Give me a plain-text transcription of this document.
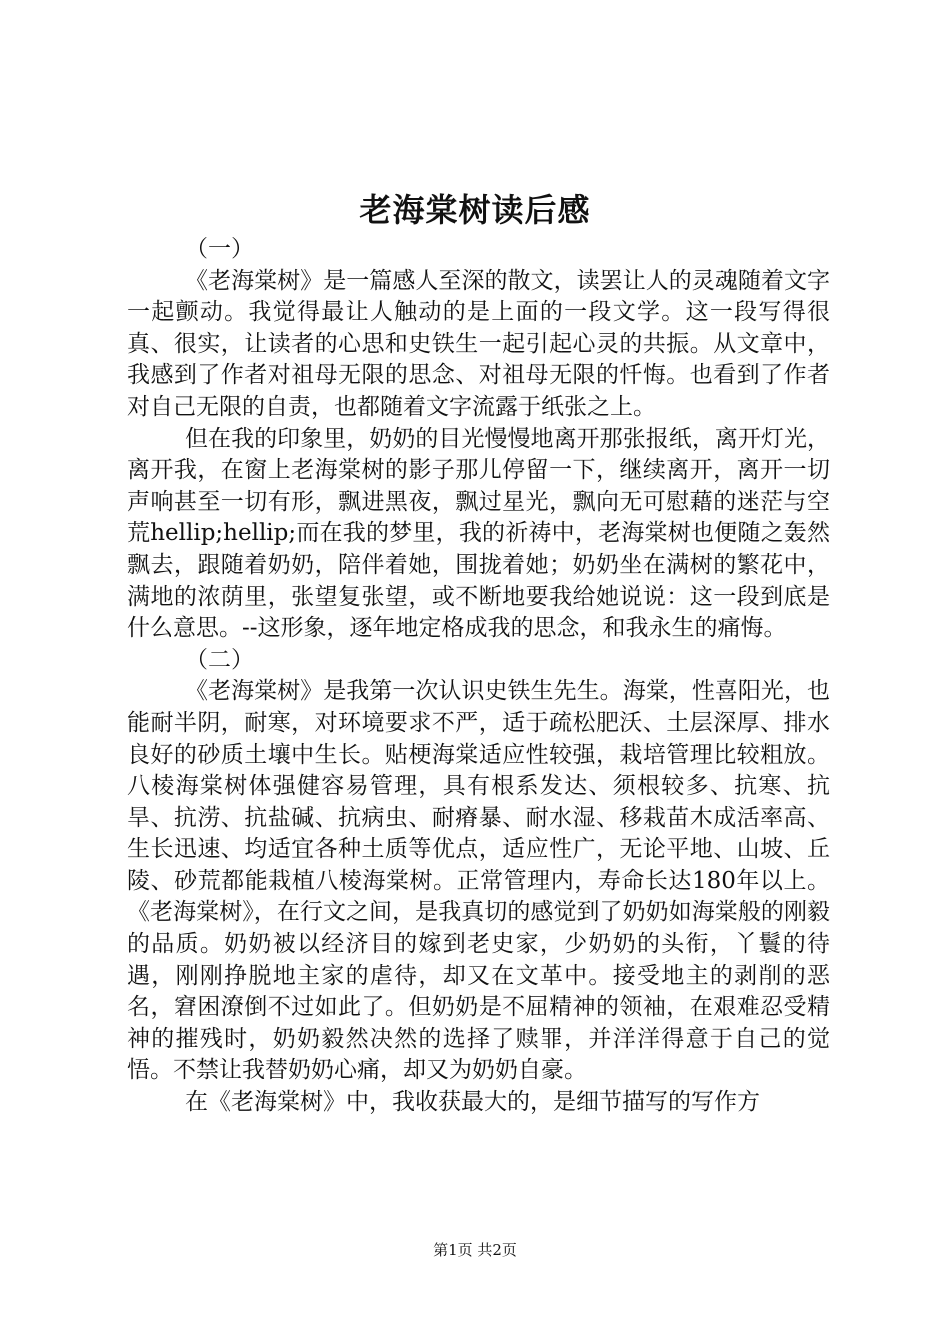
老海棠树读后感

（一）

《老海棠树》是一篇感人至深的散文，读罢让人的灵魂随着文字一起颤动。我觉得最让人触动的是上面的一段文学。这一段写得很真、很实，让读者的心思和史铁生一起引起心灵的共振。从文章中，我感到了作者对祖母无限的思念、对祖母无限的忏悔。也看到了作者对自己无限的自责，也都随着文字流露于纸张之上。

但在我的印象里，奶奶的目光慢慢地离开那张报纸，离开灯光，离开我，在窗上老海棠树的影子那儿停留一下，继续离开，离开一切声响甚至一切有形，飘进黑夜，飘过星光，飘向无可慰藉的迷茫与空荒hellip;hellip;而在我的梦里，我的祈祷中，老海棠树也便随之轰然飘去，跟随着奶奶，陪伴着她，围拢着她；奶奶坐在满树的繁花中，满地的浓荫里，张望复张望，或不断地要我给她说说：这一段到底是什么意思。--这形象，逐年地定格成我的思念，和我永生的痛悔。

（二）

《老海棠树》是我第一次认识史铁生先生。海棠，性喜阳光，也能耐半阴，耐寒，对环境要求不严，适于疏松肥沃、土层深厚、排水良好的砂质土壤中生长。贴梗海棠适应性较强，栽培管理比较粗放。八棱海棠树体强健容易管理，具有根系发达、须根较多、抗寒、抗旱、抗涝、抗盐碱、抗病虫、耐瘠暴、耐水湿、移栽苗木成活率高、生长迅速、均适宜各种土质等优点，适应性广，无论平地、山坡、丘陵、砂荒都能栽植八棱海棠树。正常管理内，寿命长达180年以上。《老海棠树》，在行文之间，是我真切的感觉到了奶奶如海棠般的刚毅的品质。奶奶被以经济目的嫁到老史家，少奶奶的头衔，丫鬟的待遇，刚刚挣脱地主家的虐待，却又在文革中。接受地主的剥削的恶名，窘困潦倒不过如此了。但奶奶是不屈精神的领袖，在艰难忍受精神的摧残时，奶奶毅然决然的选择了赎罪，并洋洋得意于自己的觉悟。不禁让我替奶奶心痛，却又为奶奶自豪。

在《老海棠树》中，我收获最大的，是细节描写的写作方

第1页 共2页
